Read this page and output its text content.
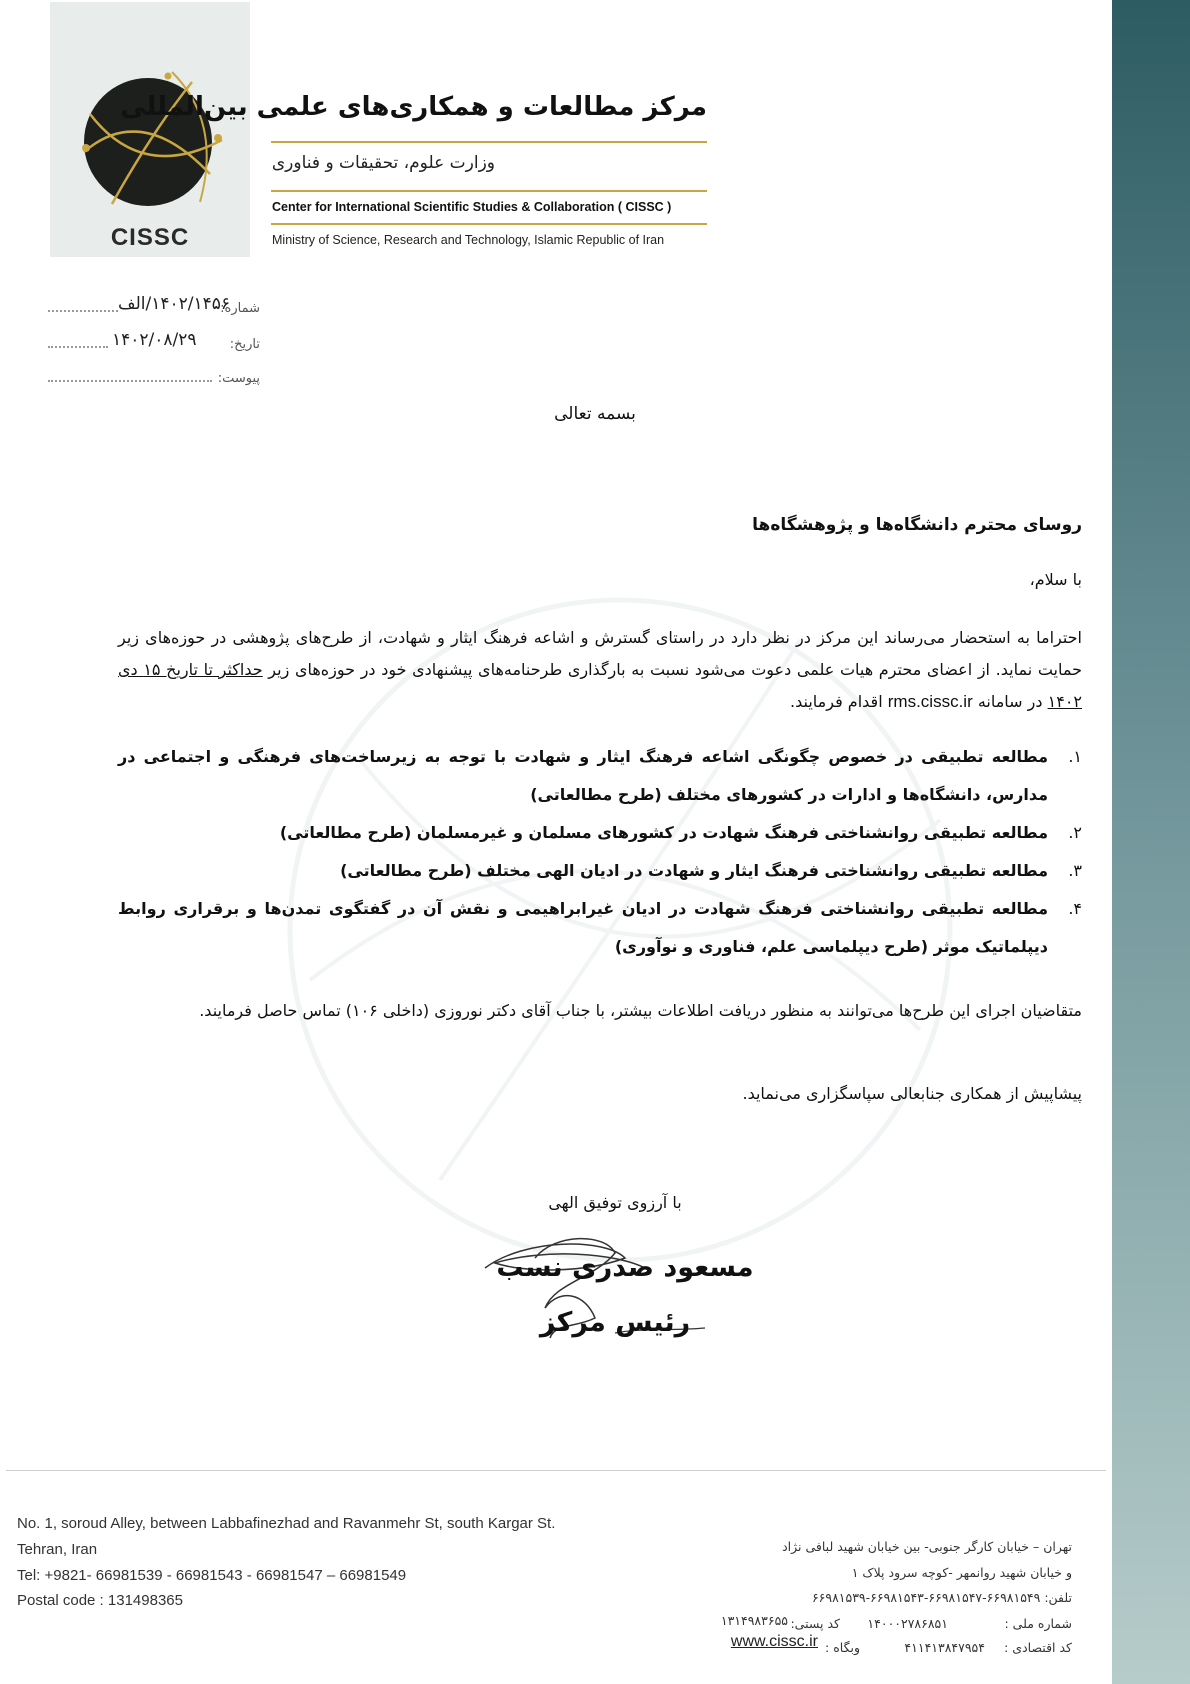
CISSC
مرکز مطالعات و همکاری‌های علمی بین‌المللی
وزارت علوم، تحقیقات و فناوری
Center for International Scientific Studies & Collaboration ( CISSC )
Ministry of Science, Research and Technology, Islamic Republic of Iran
۱۴۰۲/۱۴۵۶/الف
شماره:
۱۴۰۲/۰۸/۲۹	تاریخ:
پیوست:
بسمه تعالی
روسای محترم دانشگاه‌ها و پژوهشگاه‌ها
با سلام،
احتراما به استحضار می‌رساند این مرکز در نظر دارد در راستای گسترش و اشاعه فرهنگ ایثار و شهادت، از طرح‌های پژوهشی در حوزه‌های زیر حمایت نماید. از اعضای محترم هیات علمی دعوت می‌شود نسبت به بارگذاری طرحنامه‌های پیشنهادی خود در حوزه‌های زیر حداکثر تا تاریخ ۱۵ دی ۱۴۰۲ در سامانه rms.cissc.ir اقدام فرمایند.
۱.
مطالعه تطبیقی در خصوص چگونگی اشاعه فرهنگ ایثار و شهادت با توجه به زیرساخت‌های فرهنگی و اجتماعی در مدارس، دانشگاه‌ها و ادارات در کشورهای مختلف (طرح مطالعاتی)
۲.
مطالعه تطبیقی روانشناختی فرهنگ شهادت در کشورهای مسلمان و غیرمسلمان (طرح مطالعاتی)
۳.
مطالعه تطبیقی روانشناختی فرهنگ ایثار و شهادت در ادیان الهی مختلف (طرح مطالعاتی)
۴.
مطالعه تطبیقی روانشناختی فرهنگ شهادت در ادیان غیرابراهیمی و نقش آن در گفتگوی تمدن‌ها و برقراری روابط دیپلماتیک موثر (طرح دیپلماسی علم، فناوری و نوآوری)
متقاضیان اجرای این طرح‌ها می‌توانند به منظور دریافت اطلاعات بیشتر، با جناب آقای دکتر نوروزی (داخلی ۱۰۶) تماس حاصل فرمایند.
پیشاپیش از همکاری جنابعالی سپاسگزاری می‌نماید.
با آرزوی توفیق الهی
مسعود صدری نسب
رئیس مرکز
No. 1, soroud Alley, between Labbafinezhad and Ravanmehr St, south Kargar St.
Tehran, Iran
Tel: +9821- 66981539 - 66981543 - 66981547 – 66981549
Postal code : 131498365
تهران – خیابان کارگر جنوبی- بین خیابان شهید لبافی نژاد
و خیابان شهید روانمهر -کوچه سرود پلاک ۱
تلفن: ۶۶۹۸۱۵۴۹-۶۶۹۸۱۵۴۷-۶۶۹۸۱۵۴۳-۶۶۹۸۱۵۳۹
شماره ملی :
۱۴۰۰۰۲۷۸۶۸۵۱
کد پستی:
۱۳۱۴۹۸۳۶۵۵
کد اقتصادی :
۴۱۱۴۱۳۸۴۷۹۵۴
وبگاه :
www.cissc.ir
